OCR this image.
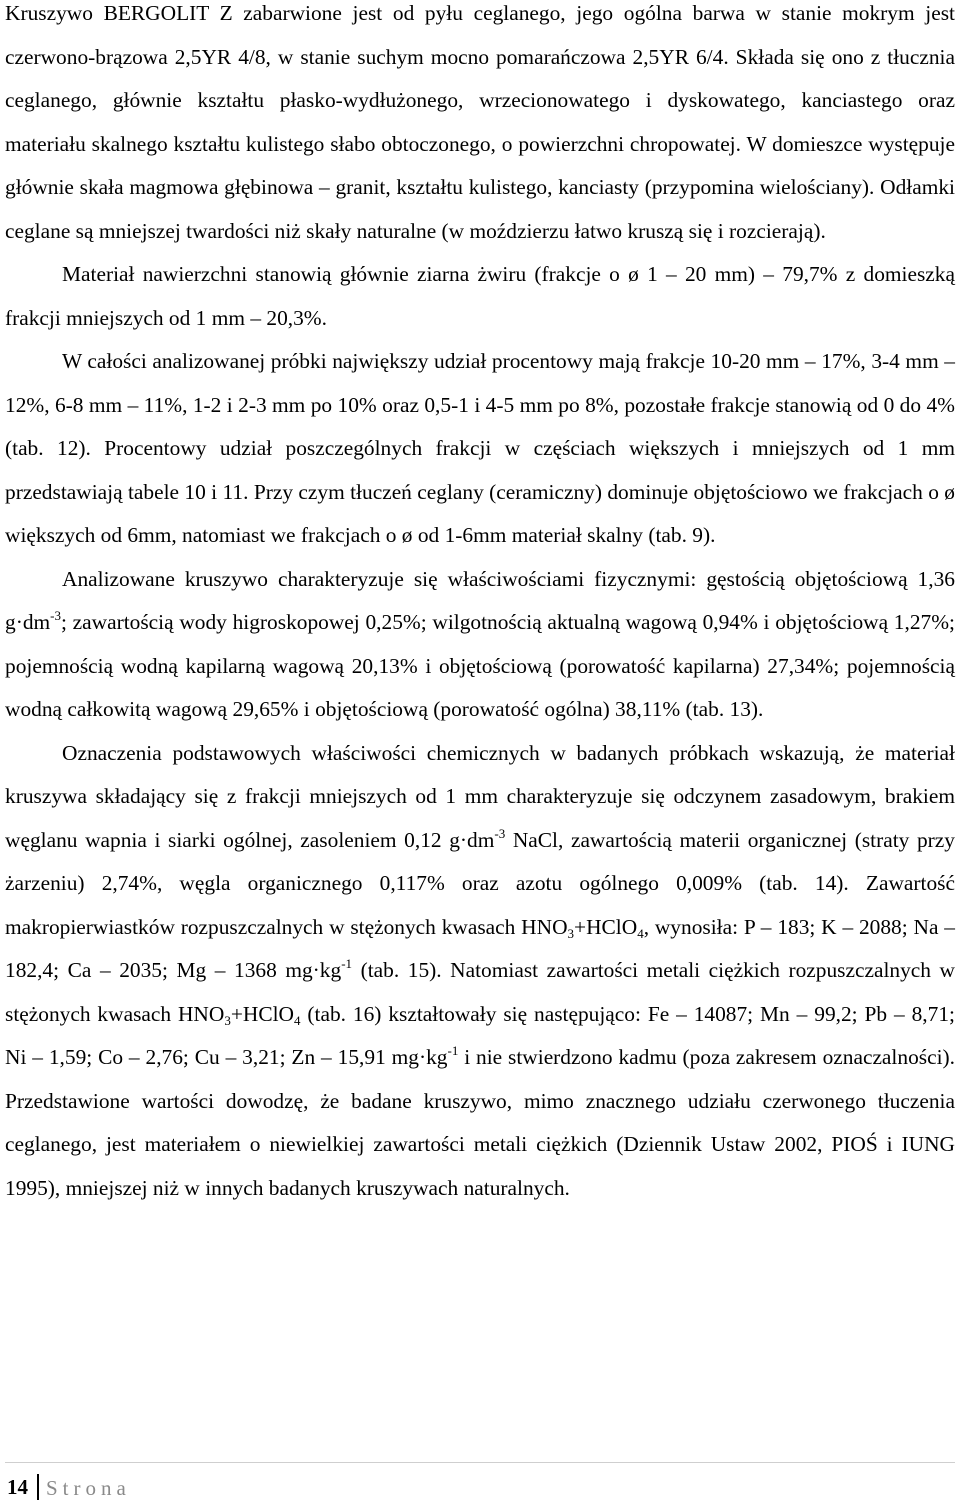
Kruszywo BERGOLIT Z zabarwione jest od pyłu ceglanego, jego ogólna barwa w stanie mokrym jest czerwono-brązowa 2,5YR 4/8, w stanie suchym mocno pomarańczowa 2,5YR 6/4. Składa się ono z tłucznia ceglanego, głównie kształtu płasko-wydłużonego, wrzecionowatego i dyskowatego, kanciastego oraz materiału skalnego kształtu kulistego słabo obtoczonego, o powierzchni chropowatej. W domieszce występuje głównie skała magmowa głębinowa – granit, kształtu kulistego, kanciasty (przypomina wielościany). Odłamki ceglane są mniejszej twardości niż skały naturalne (w moździerzu łatwo kruszą się i rozcierają).

Materiał nawierzchni stanowią głównie ziarna żwiru (frakcje o ø 1 – 20 mm) – 79,7% z domieszką frakcji mniejszych od 1 mm – 20,3%.

W całości analizowanej próbki największy udział procentowy mają frakcje 10-20 mm – 17%, 3-4 mm – 12%, 6-8 mm – 11%, 1-2 i 2-3 mm po 10% oraz 0,5-1 i 4-5 mm po 8%, pozostałe frakcje stanowią od 0 do 4% (tab. 12). Procentowy udział poszczególnych frakcji w częściach większych i mniejszych od 1 mm przedstawiają tabele 10 i 11. Przy czym tłuczeń ceglany (ceramiczny) dominuje objętościowo we frakcjach o ø większych od 6mm, natomiast we frakcjach o ø od 1-6mm materiał skalny (tab. 9).

Analizowane kruszywo charakteryzuje się właściwościami fizycznymi: gęstością objętościową 1,36 $g\cdot dm^{-3}$; zawartością wody higroskopowej 0,25%; wilgotnością aktualną wagową 0,94% i objętościową 1,27%; pojemnością wodną kapilarną wagową 20,13% i objętościową (porowatość kapilarna) 27,34%; pojemnością wodną całkowitą wagową 29,65% i objętościową (porowatość ogólna) 38,11% (tab. 13).

Oznaczenia podstawowych właściwości chemicznych w badanych próbkach wskazują, że materiał kruszywa składający się z frakcji mniejszych od 1 mm charakteryzuje się odczynem zasadowym, brakiem węglanu wapnia i siarki ogólnej, zasoleniem 0,12 $g\cdot dm^{-3}$ NaCl, zawartością materii organicznej (straty przy żarzeniu) 2,74%, węgla organicznego 0,117% oraz azotu ogólnego 0,009% (tab. 14). Zawartość makropierwiastków rozpuszczalnych w stężonych kwasach $HNO_3+HClO_4$, wynosiła: P – 183; K – 2088; Na – 182,4; Ca – 2035; Mg – 1368 $mg\cdot kg^{-1}$ (tab. 15). Natomiast zawartości metali ciężkich rozpuszczalnych w stężonych kwasach $HNO_3+HClO_4$ (tab. 16) kształtowały się następująco: Fe – 14087; Mn – 99,2; Pb – 8,71; Ni – 1,59; Co – 2,76; Cu – 3,21; Zn – 15,91 $mg\cdot kg^{-1}$ i nie stwierdzono kadmu (poza zakresem oznaczalności). Przedstawione wartości dowodzę, że badane kruszywo, mimo znacznego udziału czerwonego tłuczenia ceglanego, jest materiałem o niewielkiej zawartości metali ciężkich (Dziennik Ustaw 2002, PIOŚ i IUNG 1995), mniejszej niż w innych badanych kruszywach naturalnych.

14 Strona
